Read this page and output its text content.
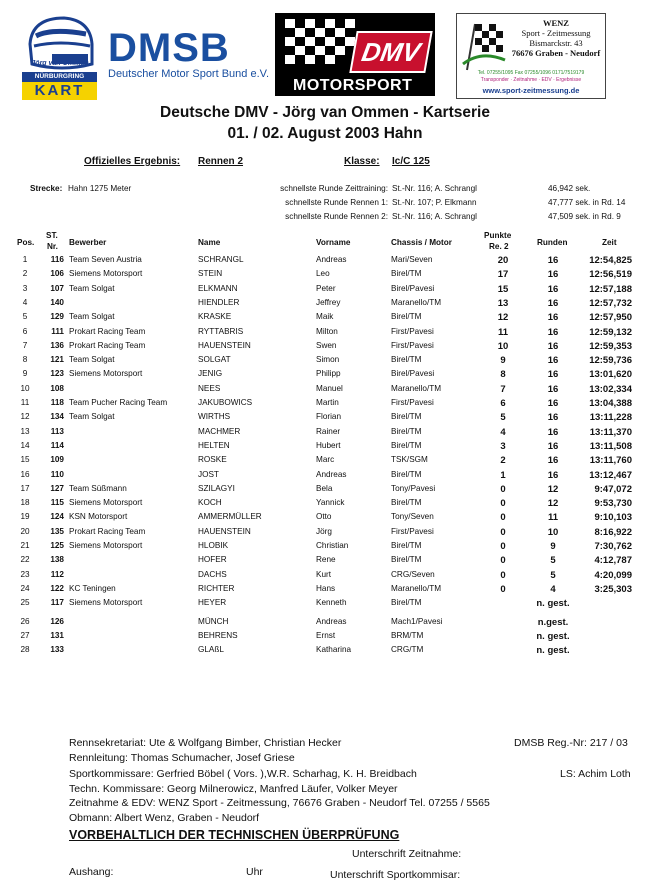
Jörg van Ommen
NÜRBURGRING
KART
DMSB
Deutscher Motor Sport Bund e.V.
DMV
MOTORSPORT
WENZ
Sport - Zeitmessung
Bismarckstr. 43
76676 Graben - Neudorf
Tel. 07255/1095 Fax 07255/1096 0171/7519179
Transponder · Zeitnahme · EDV · Ergebnisse
www.sport-zeitmessung.de
Deutsche DMV - Jörg van Ommen - Kartserie
01. / 02. August 2003 Hahn
Offizielles Ergebnis: Rennen 2	Klasse: Ic/C 125
Strecke: Hahn 1275 Meter	schnellste Runde Zeittraining: St.-Nr. 116; A. Schrangl	46,942 sek.
schnellste Runde Rennen 1: St.-Nr. 107; P. Elkmann	47,777 sek. in Rd. 14
schnellste Runde Rennen 2: St.-Nr. 116; A. Schrangl	47,509 sek. in Rd. 9
Pos.
ST.
Nr. Bewerber	Name	Vorname	Chassis / Motor
Punkte
Re. 2	Runden	Zeit
1	116 Team Seven Austria	SCHRANGL	Andreas	Mari/Seven	20	16	12:54,825
2	106 Siemens Motorsport	STEIN	Leo	Birel/TM	17	16	12:56,519
3	107 Team Solgat	ELKMANN	Peter	Birel/Pavesi	15	16	12:57,188
4	140	HIENDLER	Jeffrey	Maranello/TM	13	16	12:57,732
5	129 Team Solgat	KRASKE	Maik	Birel/TM	12	16	12:57,950
6	111 Prokart Racing Team	RYTTABRIS	Milton	First/Pavesi	11	16	12:59,132
7	136 Prokart Racing Team	HAUENSTEIN	Swen	First/Pavesi	10	16	12:59,353
8	121 Team Solgat	SOLGAT	Simon	Birel/TM	9	16	12:59,736
9	123 Siemens Motorsport	JENIG	Philipp	Birel/Pavesi	8	16	13:01,620
10	108	NEES	Manuel	Maranello/TM	7	16	13:02,334
11	118 Team Pucher Racing Team	JAKUBOWICS	Martin	First/Pavesi	6	16	13:04,388
12	134 Team Solgat	WIRTHS	Florian	Birel/TM	5	16	13:11,228
13	113	MACHMER	Rainer	Birel/TM	4	16	13:11,370
14	114	HELTEN	Hubert	Birel/TM	3	16	13:11,508
15	109	ROSKE	Marc	TSK/SGM	2	16	13:11,760
16	110	JOST	Andreas	Birel/TM	1	16	13:12,467
17	127 Team Süßmann	SZILAGYI	Bela	Tony/Pavesi	0	12	9:47,072
18	115 Siemens Motorsport	KOCH	Yannick	Birel/TM	0	12	9:53,730
19	124 KSN Motorsport	AMMERMÜLLER	Otto	Tony/Seven	0	11	9:10,103
20	135 Prokart Racing Team	HAUENSTEIN	Jörg	First/Pavesi	0	10	8:16,922
21	125 Siemens Motorsport	HLOBIK	Christian	Birel/TM	0	9	7:30,762
22	138	HOFER	Rene	Birel/TM	0	5	4:12,787
23	112	DACHS	Kurt	CRG/Seven	0	5	4:20,099
24	122 KC Teningen	RICHTER	Hans	Maranello/TM	0	4	3:25,303
25	117 Siemens Motorsport	HEYER	Kenneth	Birel/TM	n. gest.
26	126	MÜNCH	Andreas	Mach1/Pavesi	n.gest.
27	131	BEHRENS	Ernst	BRM/TM	n. gest.
28	133	GLAßL	Katharina	CRG/TM	n. gest.
Rennsekretariat: Ute & Wolfgang Bimber, Christian Hecker	DMSB Reg.-Nr: 217 / 03
Rennleitung: Thomas Schumacher, Josef Griese
Sportkommissare: Gerfried Böbel ( Vors. ),W.R. Scharhag, K. H. Breidbach	LS: Achim Loth
Techn. Kommissare: Georg Milnerowicz, Manfred Läufer, Volker Meyer
Zeitnahme & EDV: WENZ Sport - Zeitmessung, 76676 Graben - Neudorf Tel. 07255 / 5565
Obmann: Albert Wenz, Graben - Neudorf
VORBEHALTLICH DER TECHNISCHEN ÜBERPRÜFUNG
Unterschrift Zeitnahme:
Aushang:	Uhr	Unterschrift Sportkommisar:
